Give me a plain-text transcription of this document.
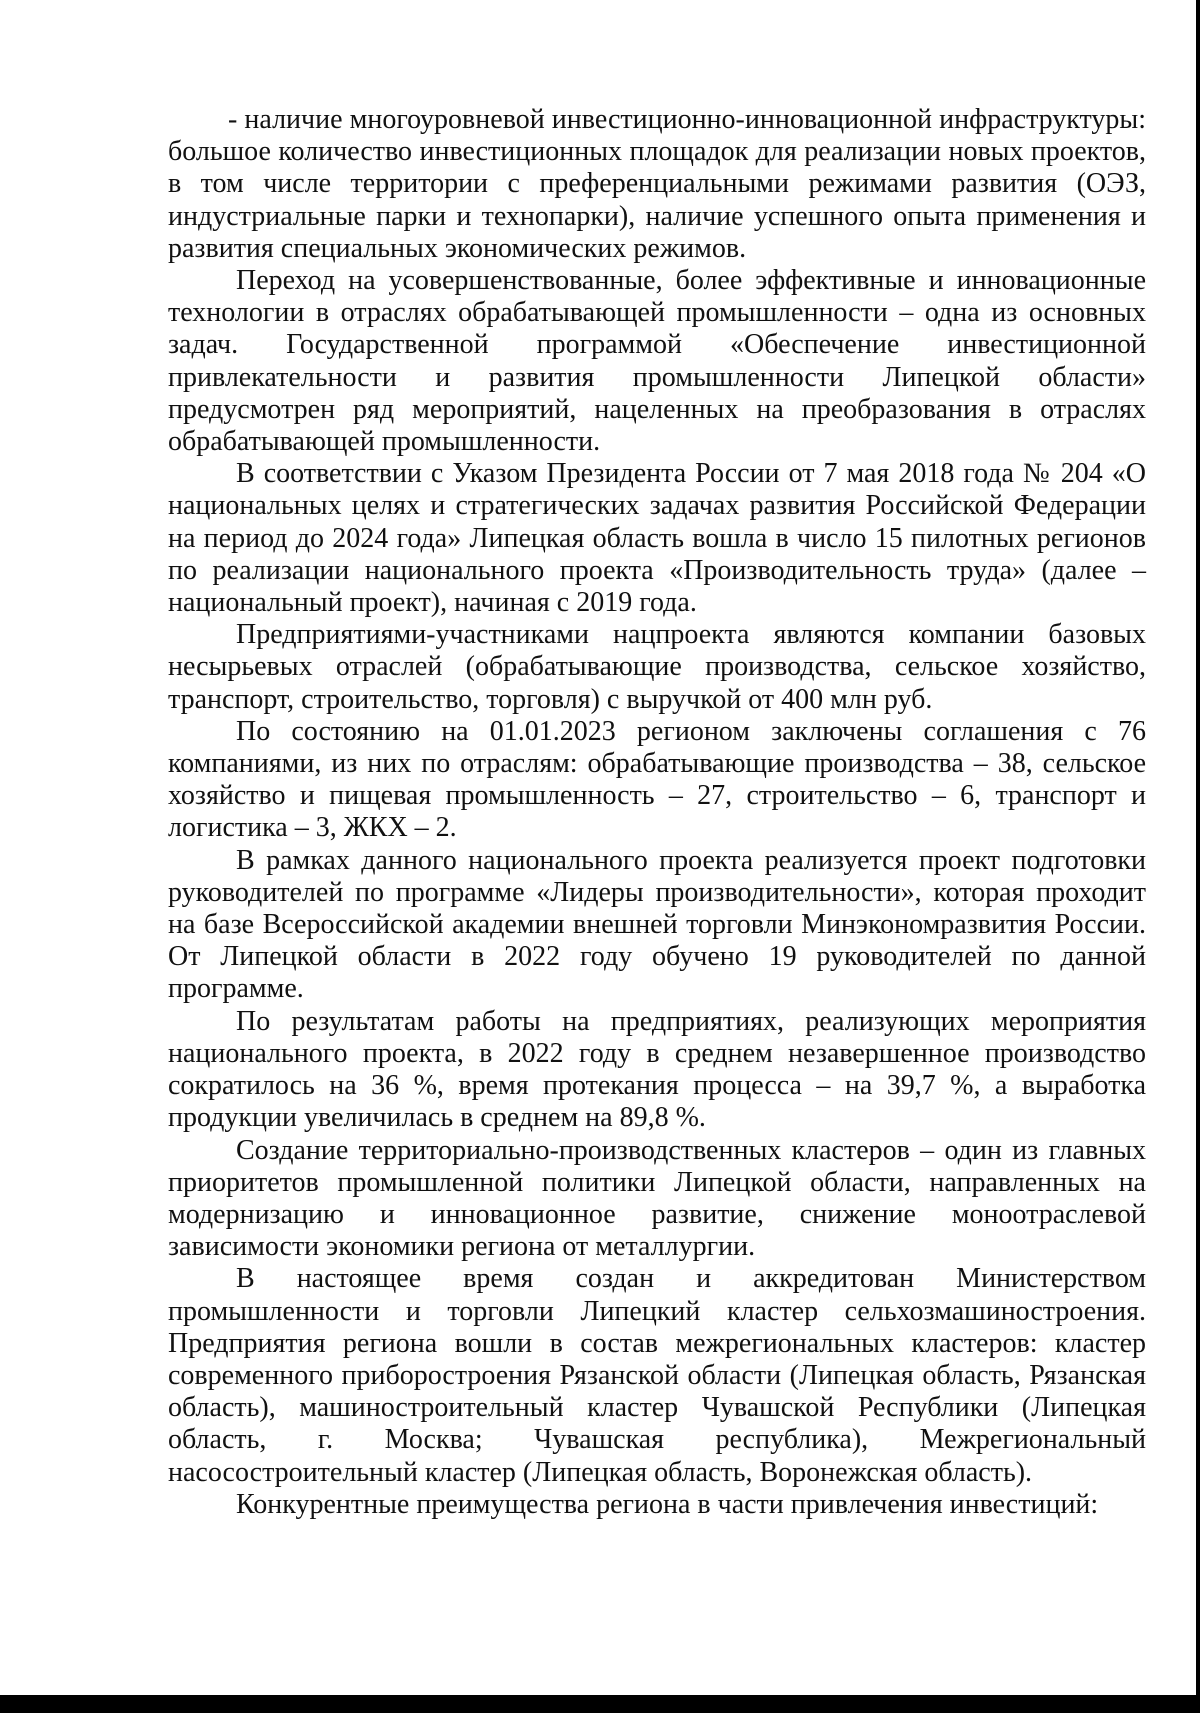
- наличие многоуровневой инвестиционно-инновационной инфраструктуры: большое количество инвестиционных площадок для реализации новых проектов, в том числе территории с преференциальными режимами развития (ОЭЗ, индустриальные парки и технопарки), наличие успешного опыта применения и развития специальных экономических режимов.

Переход на усовершенствованные, более эффективные и инновационные технологии в отраслях обрабатывающей промышленности – одна из основных задач. Государственной программой «Обеспечение инвестиционной привлекательности и развития промышленности Липецкой области» предусмотрен ряд мероприятий, нацеленных на преобразования в отраслях обрабатывающей промышленности.

В соответствии с Указом Президента России от 7 мая 2018 года № 204 «О национальных целях и стратегических задачах развития Российской Федерации на период до 2024 года» Липецкая область вошла в число 15 пилотных регионов по реализации национального проекта «Производительность труда» (далее – национальный проект), начиная с 2019 года.

Предприятиями-участниками нацпроекта являются компании базовых несырьевых отраслей (обрабатывающие производства, сельское хозяйство, транспорт, строительство, торговля) с выручкой от 400 млн руб.

По состоянию на 01.01.2023 регионом заключены соглашения с 76 компаниями, из них по отраслям: обрабатывающие производства – 38, сельское хозяйство и пищевая промышленность – 27, строительство – 6, транспорт и логистика – 3, ЖКХ – 2.

В рамках данного национального проекта реализуется проект подготовки руководителей по программе «Лидеры производительности», которая проходит на базе Всероссийской академии внешней торговли Минэкономразвития России. От Липецкой области в 2022 году обучено 19 руководителей по данной программе.

По результатам работы на предприятиях, реализующих мероприятия национального проекта, в 2022 году в среднем незавершенное производство сократилось на 36 %, время протекания процесса – на 39,7 %, а выработка продукции увеличилась в среднем на 89,8 %.

Создание территориально-производственных кластеров – один из главных приоритетов промышленной политики Липецкой области, направленных на модернизацию и инновационное развитие, снижение моноотраслевой зависимости экономики региона от металлургии.

В настоящее время создан и аккредитован Министерством промышленности и торговли Липецкий кластер сельхозмашиностроения. Предприятия региона вошли в состав межрегиональных кластеров: кластер современного приборостроения Рязанской области (Липецкая область, Рязанская область), машиностроительный кластер Чувашской Республики (Липецкая область, г. Москва; Чувашская республика), Межрегиональный насосостроительный кластер (Липецкая область, Воронежская область).

Конкурентные преимущества региона в части привлечения инвестиций:
